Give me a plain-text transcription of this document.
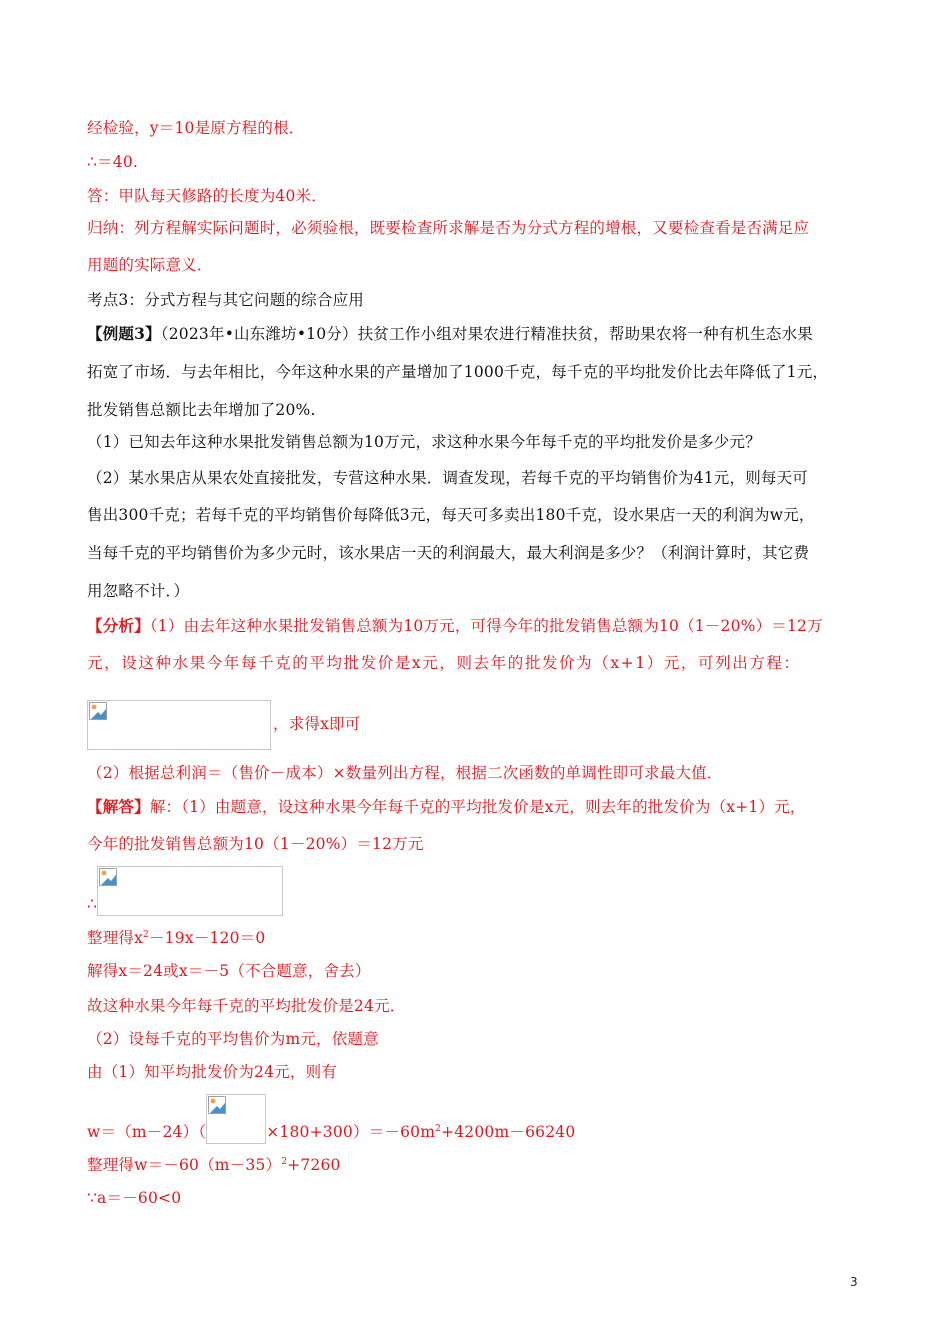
经检验，y＝10是原方程的根．
∴＝40.
答：甲队每天修路的长度为40米．
归纳：列方程解实际问题时，必须验根，既要检查所求解是否为分式方程的增根，又要检查看是否满足应
用题的实际意义．
考点3：分式方程与其它问题的综合应用
【例题3】（2023年•山东潍坊•10分）扶贫工作小组对果农进行精准扶贫，帮助果农将一种有机生态水果
拓宽了市场．与去年相比，今年这种水果的产量增加了1000千克，每千克的平均批发价比去年降低了1元，
批发销售总额比去年增加了20%.
（1）已知去年这种水果批发销售总额为10万元，求这种水果今年每千克的平均批发价是多少元？
（2）某水果店从果农处直接批发，专营这种水果．调查发现，若每千克的平均销售价为41元，则每天可
售出300千克；若每千克的平均销售价每降低3元，每天可多卖出180千克，设水果店一天的利润为w元，
当每千克的平均销售价为多少元时，该水果店一天的利润最大，最大利润是多少？（利润计算时，其它费
用忽略不计．）
【分析】（1）由去年这种水果批发销售总额为10万元，可得今年的批发销售总额为10（1－20%）＝12万
元，设这种水果今年每千克的平均批发价是x元，则去年的批发价为（x+1）元，可列出方程：
，求得x即可
（2）根据总利润＝（售价－成本）×数量列出方程，根据二次函数的单调性即可求最大值．
【解答】解：（1）由题意，设这种水果今年每千克的平均批发价是x元，则去年的批发价为（x+1）元，
今年的批发销售总额为10（1－20%）＝12万元
∴
整理得$x^2-19x-120=0$
解得x＝24或x＝－5（不合题意，舍去）
故这种水果今年每千克的平均批发价是24元．
（2）设每千克的平均售价为m元，依题意
由（1）知平均批发价为24元，则有
w＝（m－24）（	$\times 180+300)=-60m^2+4200m-66240$
整理得$w=-60(m-35)^2+7260$
∵a＝－60<0
3
